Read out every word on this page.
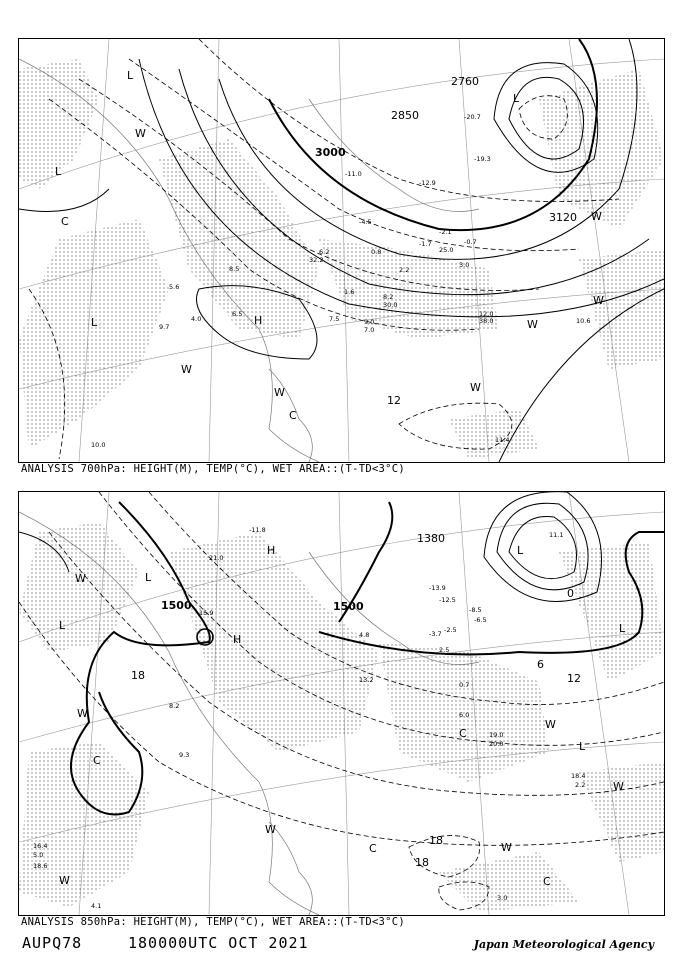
3000
2850
2760
3120
12
L
L
L
L
H
W
W
W
W
W
W
W
C
C
-20.7
-19.3
-12.9
-11.0
-2.1
-0.7
3.0
2.2
6.2
8.2
9.0
12.0
10.6
11.4
-4.5
-1.7
0.8
1.6
5.6
7.5
8.5
9.7
10.0
6.5
38.0
30.0
25.0
7.0
32.2
4.0
ANALYSIS 700hPa: HEIGHT(M), TEMP(°C), WET AREA::(T-TD<3°C)
1500	1500
1380
18	12
18
18
0
6
L
L
L
L
L
H
H
W
W
W
W
W
W
W
C
C
C
C
-13.9
-12.5
-8.5
-6.5
-2.5
2.5
6.0
8.2
11.1
15.9
19.0
18.4
16.4
18.6
-11.8
-3.7
0.7
4.8
9.3
13.2
21.0
20.0
3.0
2.2
4.1
5.0
ANALYSIS 850hPa: HEIGHT(M), TEMP(°C), WET AREA::(T-TD<3°C)
AUPQ78	180000UTC OCT 2021	Japan Meteorological Agency
